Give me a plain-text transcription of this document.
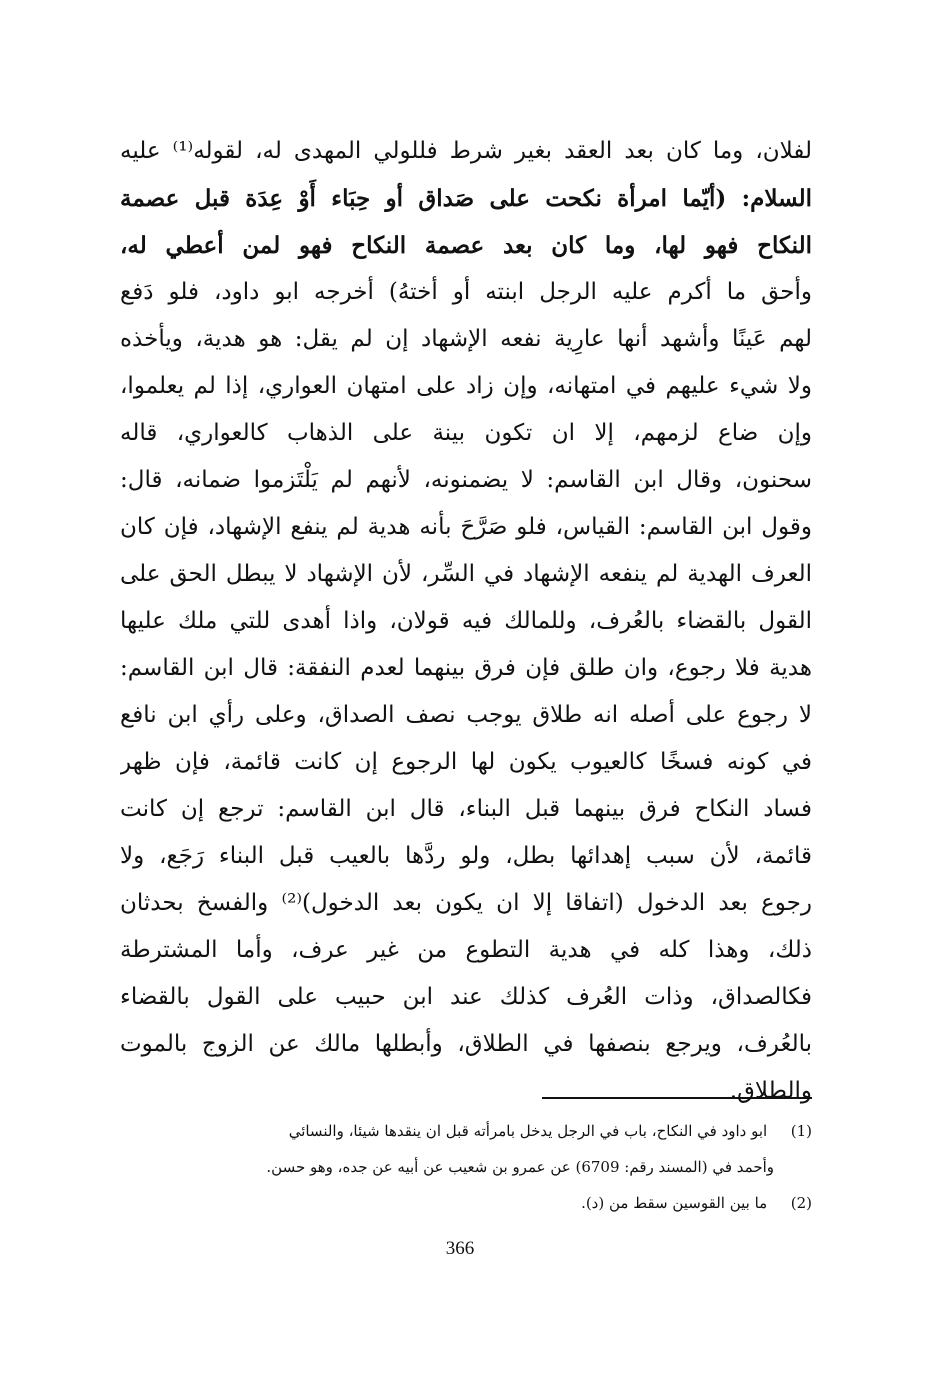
لفلان، وما كان بعد العقد بغير شرط فللولي المهدى له، لقوله⁽¹⁾ عليه
السلام: (أيّما امرأة نكحت على صَداق أو حِبَاء أَوْ عِدَة قبل عصمة
النكاح فهو لها، وما كان بعد عصمة النكاح فهو لمن أعطي له،
وأحق ما أكرم عليه الرجل ابنته أو أختهُ) أخرجه ابو داود، فلو دَفع
لهم عَينًا وأشهد أنها عارِية نفعه الإشهاد إن لم يقل: هو هدية، ويأخذه
ولا شيء عليهم في امتهانه، وإن زاد على امتهان العواري، إذا لم يعلموا،
وإن ضاع لزمهم، إلا ان تكون بينة على الذهاب كالعواري، قاله
سحنون، وقال ابن القاسم: لا يضمنونه، لأنهم لم يَلْتَزموا ضمانه، قال:
وقول ابن القاسم: القياس، فلو صَرَّحَ بأنه هدية لم ينفع الإشهاد، فإن كان
العرف الهدية لم ينفعه الإشهاد في السِّر، لأن الإشهاد لا يبطل الحق على
القول بالقضاء بالعُرف، وللمالك فيه قولان، واذا أهدى للتي ملك عليها
هدية فلا رجوع، وان طلق فإن فرق بينهما لعدم النفقة: قال ابن القاسم:
لا رجوع على أصله انه طلاق يوجب نصف الصداق، وعلى رأي ابن نافع
في كونه فسخًا كالعيوب يكون لها الرجوع إن كانت قائمة، فإن ظهر
فساد النكاح فرق بينهما قبل البناء، قال ابن القاسم: ترجع إن كانت
قائمة، لأن سبب إهدائها بطل، ولو ردَّها بالعيب قبل البناء رَجَع، ولا
رجوع بعد الدخول (اتفاقا إلا ان يكون بعد الدخول)⁽²⁾ والفسخ بحدثان
ذلك، وهذا كله في هدية التطوع من غير عرف، وأما المشترطة
فكالصداق، وذات العُرف كذلك عند ابن حبيب على القول بالقضاء
بالعُرف، ويرجع بنصفها في الطلاق، وأبطلها مالك عن الزوج بالموت
والطلاق.
(1) ابو داود في النكاح، باب في الرجل يدخل بامرأته قبل ان ينقدها شيئا، والنسائي
وأحمد في (المسند رقم: 6709) عن عمرو بن شعيب عن أبيه عن جده، وهو حسن.
(2) ما بين القوسين سقط من (د).
366
